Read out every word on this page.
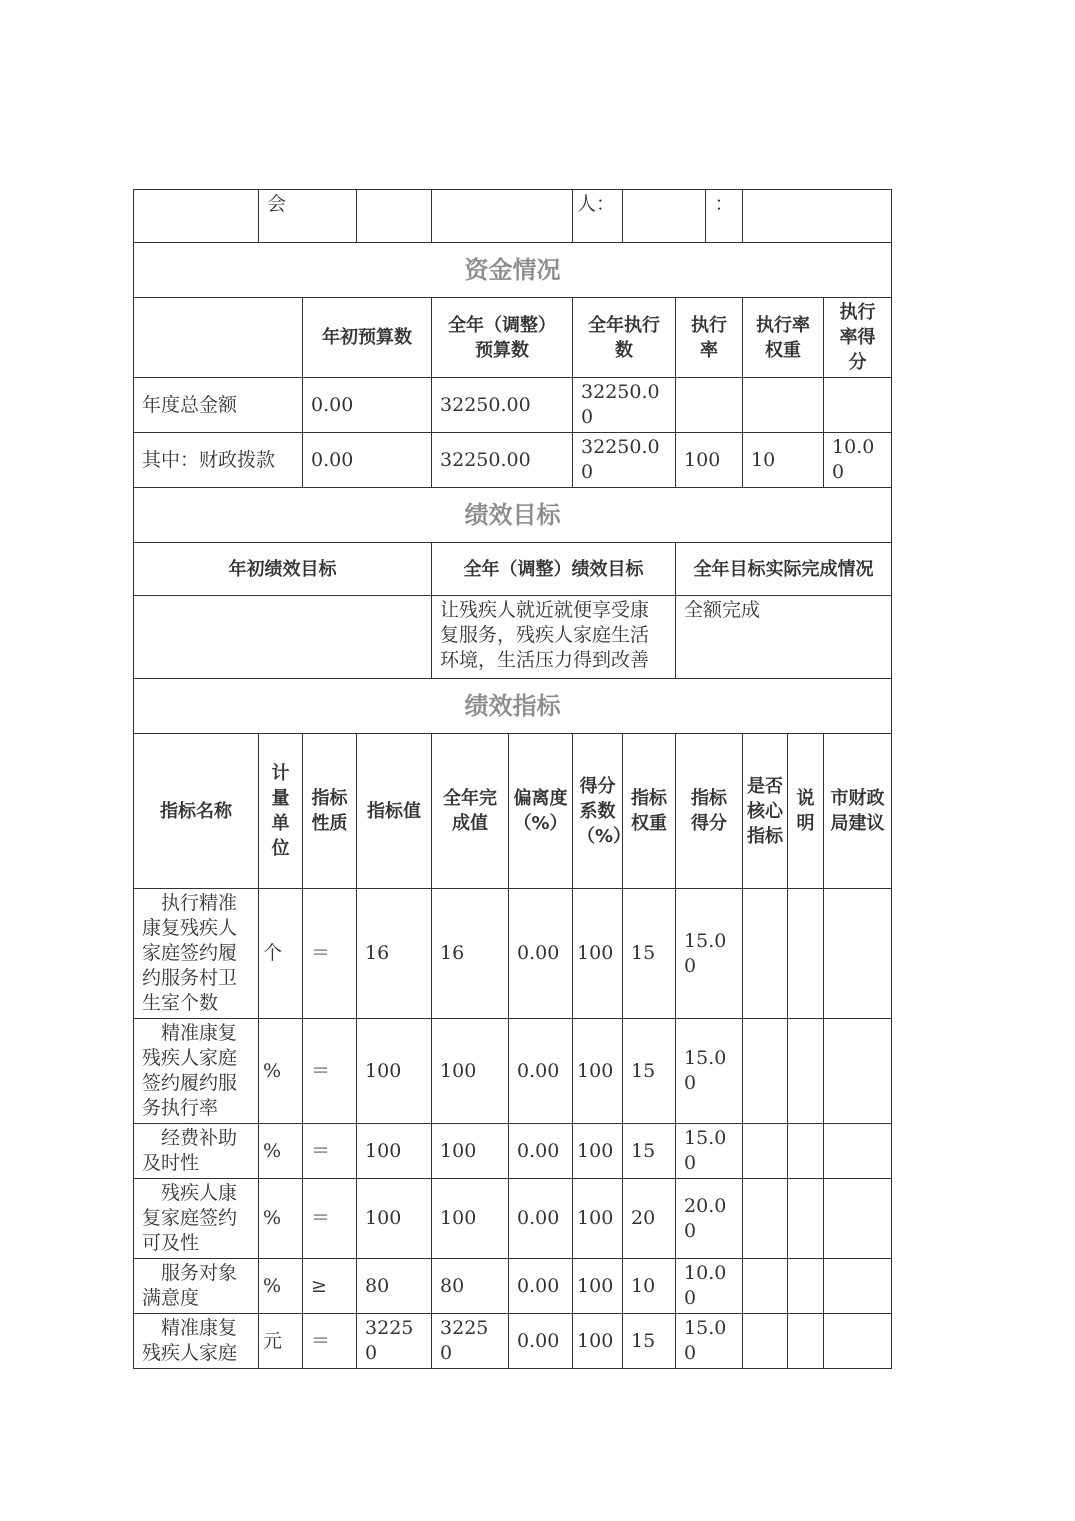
	会					人：			：			
资金情况												
		年初预算数		全年（调整）预算数		全年执行数		执行率		执行率权重		执行率得分
年度总金额		0.00		32250.00		32250.00						
其中：财政拨款		0.00		32250.00		32250.00		100		10		10.00
绩效目标												
年初绩效目标				全年（调整）绩效目标				全年目标实际完成情况				
				让残疾人就近就便享受康复服务，残疾人家庭生活环境，生活压力得到改善				全额完成				
绩效指标												
指标名称	计量单位	指标性质	指标值	全年完成值	偏离度（%）	得分系数（%）	指标权重	指标得分		是否核心指标	说明	市财政局建议
执行精准康复残疾人家庭签约履约服务村卫生室个数	个	＝	16	16	0.00	100	15	15.00				
精准康复残疾人家庭签约履约服务执行率	%	＝	100	100	0.00	100	15	15.00				
经费补助及时性	%	＝	100	100	0.00	100	15	15.00				
残疾人康复家庭签约可及性	%	＝	100	100	0.00	100	20	20.00				
服务对象满意度	%	≥	80	80	0.00	100	10	10.00				
精准康复残疾人家庭	元	＝	32250	32250	0.00	100	15	15.00				
